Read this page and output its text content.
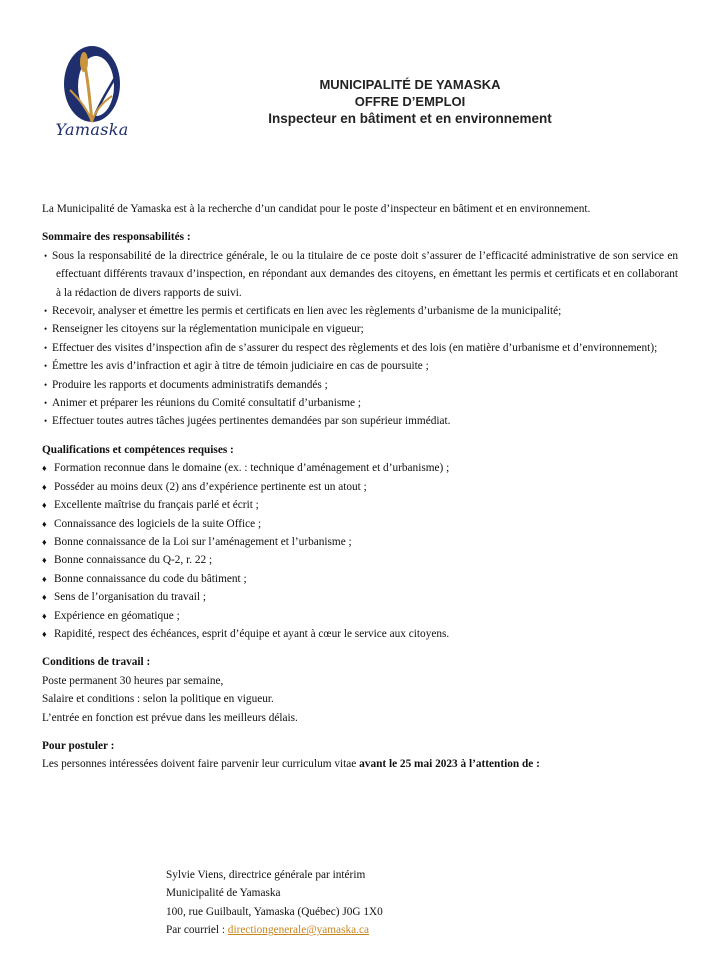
Yamaska
MUNICIPALITÉ DE YAMASKA
OFFRE D’EMPLOI
Inspecteur en bâtiment et en environnement

La Municipalité de Yamaska est à la recherche d’un candidat pour le poste d’inspecteur en bâtiment et en environnement.

Sommaire des responsabilités :

• Sous la responsabilité de la directrice générale, le ou la titulaire de ce poste doit s’assurer de l’efficacité administrative de son service en effectuant différents travaux d’inspection, en répondant aux demandes des citoyens, en émettant les permis et certificats et en collaborant à la rédaction de divers rapports de suivi.
• Recevoir, analyser et émettre les permis et certificats en lien avec les règlements d’urbanisme de la municipalité;
• Renseigner les citoyens sur la réglementation municipale en vigueur;
• Effectuer des visites d’inspection afin de s’assurer du respect des règlements et des lois (en matière d’urbanisme et d’environnement);
• Émettre les avis d’infraction et agir à titre de témoin judiciaire en cas de poursuite ;
• Produire les rapports et documents administratifs demandés ;
• Animer et préparer les réunions du Comité consultatif d’urbanisme ;
• Effectuer toutes autres tâches jugées pertinentes demandées par son supérieur immédiat.

Qualifications et compétences requises :

♦ Formation reconnue dans le domaine (ex. : technique d’aménagement et d’urbanisme) ;
♦ Posséder au moins deux (2) ans d’expérience pertinente est un atout ;
♦ Excellente maîtrise du français parlé et écrit ;
♦ Connaissance des logiciels de la suite Office ;
♦ Bonne connaissance de la Loi sur l’aménagement et l’urbanisme ;
♦ Bonne connaissance du Q-2, r. 22 ;
♦ Bonne connaissance du code du bâtiment ;
♦ Sens de l’organisation du travail ;
♦ Expérience en géomatique ;
♦ Rapidité, respect des échéances, esprit d’équipe et ayant à cœur le service aux citoyens.

Conditions de travail :

Poste permanent 30 heures par semaine,

Salaire et conditions : selon la politique en vigueur.

L’entrée en fonction est prévue dans les meilleurs délais.

Pour postuler :

Les personnes intéressées doivent faire parvenir leur curriculum vitae avant le 25 mai 2023 à l’attention de :

Sylvie Viens, directrice générale par intérim
Municipalité de Yamaska
100, rue Guilbault, Yamaska (Québec) J0G 1X0
Par courriel : directiongenerale@yamaska.ca
